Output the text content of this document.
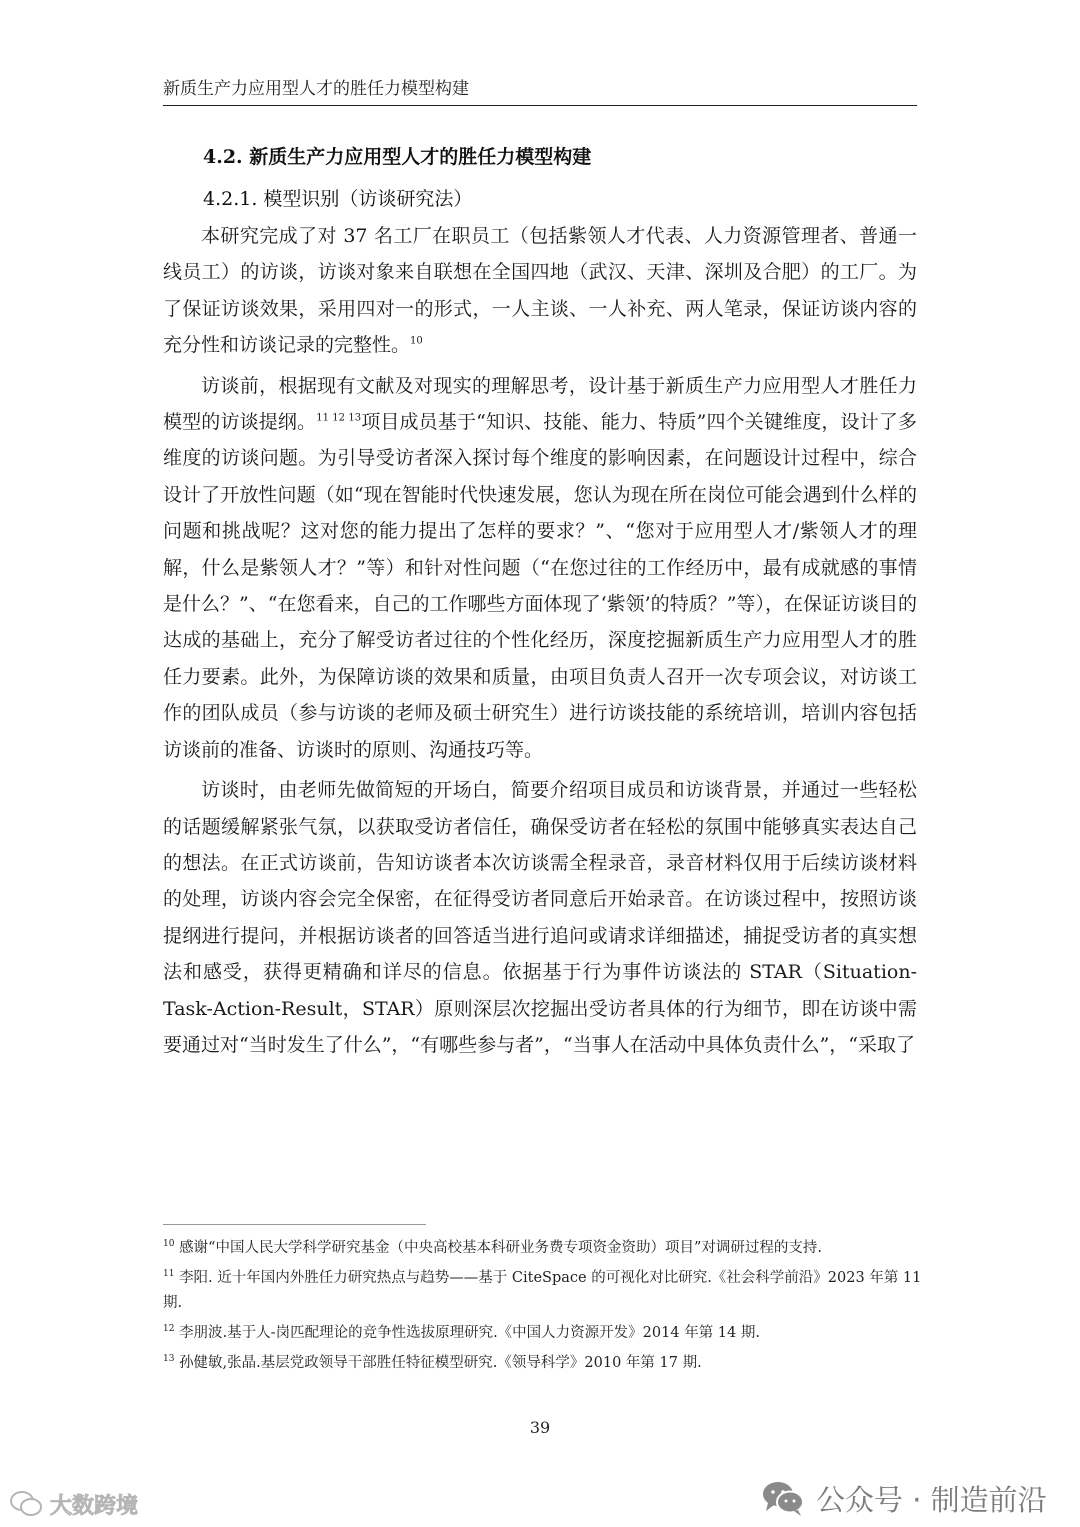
新质生产力应用型人才的胜任力模型构建
4.2. 新质生产力应用型人才的胜任力模型构建
4.2.1. 模型识别（访谈研究法）

本研究完成了对 37 名工厂在职员工（包括紫领人才代表、人力资源管理者、普通一线员工）的访谈，访谈对象来自联想在全国四地（武汉、天津、深圳及合肥）的工厂。为了保证访谈效果，采用四对一的形式，一人主谈、一人补充、两人笔录，保证访谈内容的充分性和访谈记录的完整性。$^{10}$

访谈前，根据现有文献及对现实的理解思考，设计基于新质生产力应用型人才胜任力模型的访谈提纲。$^{11 12 13}$项目成员基于“知识、技能、能力、特质”四个关键维度，设计了多维度的访谈问题。为引导受访者深入探讨每个维度的影响因素，在问题设计过程中，综合设计了开放性问题（如“现在智能时代快速发展，您认为现在所在岗位可能会遇到什么样的问题和挑战呢？这对您的能力提出了怎样的要求？”、“您对于应用型人才/紫领人才的理解，什么是紫领人才？”等）和针对性问题（“在您过往的工作经历中，最有成就感的事情是什么？”、“在您看来，自己的工作哪些方面体现了‘紫领’的特质？”等），在保证访谈目的达成的基础上，充分了解受访者过往的个性化经历，深度挖掘新质生产力应用型人才的胜任力要素。此外，为保障访谈的效果和质量，由项目负责人召开一次专项会议，对访谈工作的团队成员（参与访谈的老师及硕士研究生）进行访谈技能的系统培训，培训内容包括访谈前的准备、访谈时的原则、沟通技巧等。

访谈时，由老师先做简短的开场白，简要介绍项目成员和访谈背景，并通过一些轻松的话题缓解紧张气氛，以获取受访者信任，确保受访者在轻松的氛围中能够真实表达自己的想法。在正式访谈前，告知访谈者本次访谈需全程录音，录音材料仅用于后续访谈材料的处理，访谈内容会完全保密，在征得受访者同意后开始录音。在访谈过程中，按照访谈提纲进行提问，并根据访谈者的回答适当进行追问或请求详细描述，捕捉受访者的真实想法和感受，获得更精确和详尽的信息。依据基于行为事件访谈法的 STAR（Situation-Task-Action-Result，STAR）原则深层次挖掘出受访者具体的行为细节，即在访谈中需要通过对“当时发生了什么”，“有哪些参与者”，“当事人在活动中具体负责什么”，“采取了

$^{10}$ 感谢“中国人民大学科学研究基金（中央高校基本科研业务费专项资金资助）项目”对调研过程的支持.
$^{11}$ 李阳. 近十年国内外胜任力研究热点与趋势——基于 CiteSpace 的可视化对比研究.《社会科学前沿》2023 年第 11 期.
$^{12}$ 李朋波.基于人-岗匹配理论的竞争性选拔原理研究.《中国人力资源开发》2014 年第 14 期.
$^{13}$ 孙健敏,张晶.基层党政领导干部胜任特征模型研究.《领导科学》2010 年第 17 期.
39
公众号 · 制造前沿
大数跨境
